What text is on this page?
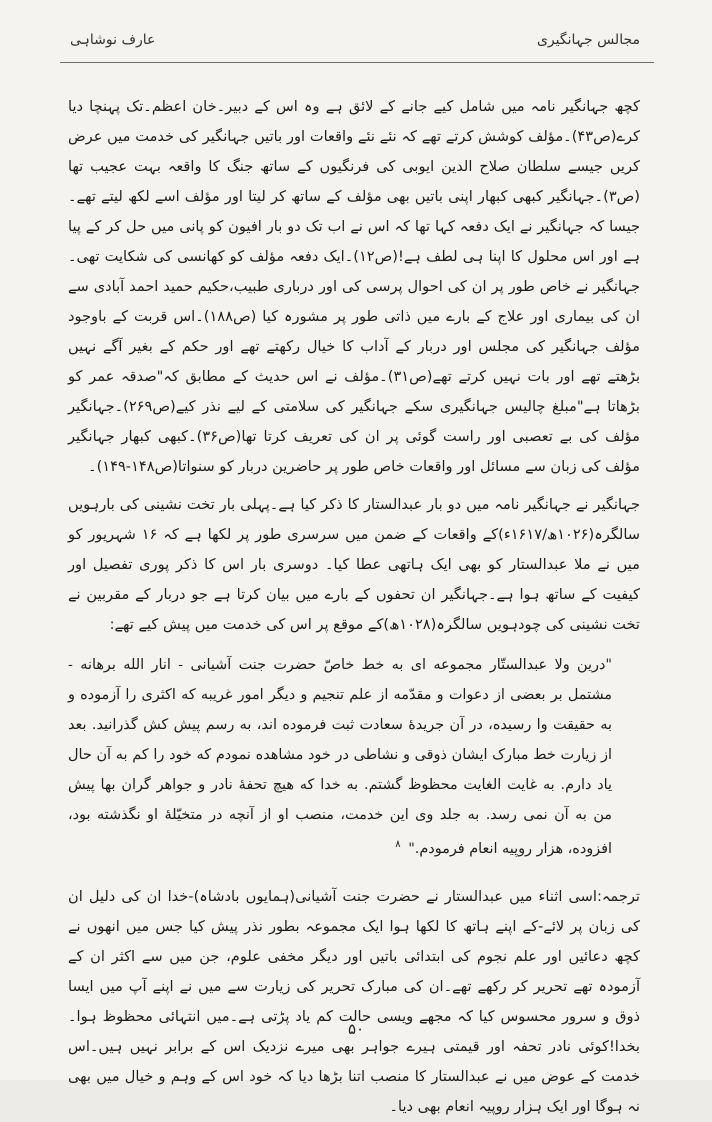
عارف نوشاہی	مجالس جہانگیری

کچھ جہانگیر نامہ میں شامل کیے جانے کے لائق ہے وہ اس کے دبیر۔خان اعظم۔تک پہنچا دیا کرے(ص۴۳)۔مؤلف کوشش کرتے تھے کہ نئے نئے واقعات اور باتیں جہانگیر کی خدمت میں عرض کریں جیسے سلطان صلاح الدین ایوبی کی فرنگیوں کے ساتھ جنگ کا واقعہ بہت عجیب تھا (ص۳)۔جہانگیر کبھی کبھار اپنی باتیں بھی مؤلف کے ساتھ کر لیتا اور مؤلف اسے لکھ لیتے تھے۔جیسا کہ جہانگیر نے ایک دفعہ کہا تھا کہ اس نے اب تک دو بار افیون کو پانی میں حل کر کے پیا ہے اور اس محلول کا اپنا ہی لطف ہے!(ص۱۲)۔ایک دفعہ مؤلف کو کھانسی کی شکایت تھی۔جہانگیر نے خاص طور پر ان کی احوال پرسی کی اور درباری طبیب،حکیم حمید احمد آبادی سے ان کی بیماری اور علاج کے بارے میں ذاتی طور پر مشورہ کیا (ص۱۸۸)۔اس قربت کے باوجود مؤلف جہانگیر کی مجلس اور دربار کے آداب کا خیال رکھتے تھے اور حکم کے بغیر آگے نہیں بڑھتے تھے اور بات نہیں کرتے تھے(ص۳۱)۔مؤلف نے اس حدیث کے مطابق کہ"صدقہ عمر کو بڑھاتا ہے"مبلغ چالیس جہانگیری سکے جہانگیر کی سلامتی کے لیے نذر کیے(ص۲۶۹)۔جہانگیر مؤلف کی بے تعصبی اور راست گوئی پر ان کی تعریف کرتا تھا(ص۳۶)۔کبھی کبھار جہانگیر مؤلف کی زبان سے مسائل اور واقعات خاص طور پر حاضرین دربار کو سنواتا(ص۱۴۸-۱۴۹)۔

جہانگیر نے جہانگیر نامہ میں دو بار عبدالستار کا ذکر کیا ہے۔پہلی بار تخت نشینی کی بارہویں سالگرہ(۱۰۲۶ھ/۱۶۱۷ء)کے واقعات کے ضمن میں سرسری طور پر لکھا ہے کہ ۱۶ شہریور کو میں نے ملا عبدالستار کو بھی ایک ہاتھی عطا کیا۔ دوسری بار اس کا ذکر پوری تفصیل اور کیفیت کے ساتھ ہوا ہے۔جہانگیر ان تحفوں کے بارے میں بیان کرتا ہے جو دربار کے مقربین نے تخت نشینی کی چودہویں سالگرہ(۱۰۲۸ھ)کے موقع پر اس کی خدمت میں پیش کیے تھے:

"درین ولا عبدالستّار مجموعه ای به خط خاصّ حضرت جنت آشیانی - انار الله برهانه - مشتمل بر بعضی از دعوات و مقدّمه از علم تنجیم و دیگر امور غریبه که اکثری را آزموده و به حقیقت وا رسیده، در آن جریدهٔ سعادت ثبت فرموده اند، به رسم پیش کش گذرانید. بعد از زیارت خط مبارک ایشان ذوقی و نشاطی در خود مشاهده نمودم که خود را کم به آن حال یاد دارم. به غایت الغایت محظوظ گشتم. به خدا که هیچ تحفهٔ نادر و جواهر گران بها پیش من به آن نمی رسد. به جلد وی این خدمت، منصب او از آنچه در متخیّلهٔ او نگذشته بود، افزوده، هزار روپیه انعام فرمودم." $^۸$

ترجمہ:اسی اثناء میں عبدالستار نے حضرت جنت آشیانی(ہمایوں بادشاہ)-خدا ان کی دلیل ان کی زبان پر لائے-کے اپنے ہاتھ کا لکھا ہوا ایک مجموعہ بطور نذر پیش کیا جس میں انھوں نے کچھ دعائیں اور علم نجوم کی ابتدائی باتیں اور دیگر مخفی علوم، جن میں سے اکثر ان کے آزمودہ تھے تحریر کر رکھے تھے۔ان کی مبارک تحریر کی زیارت سے میں نے اپنے آپ میں ایسا ذوق و سرور محسوس کیا کہ مجھے ویسی حالت کم یاد پڑتی ہے۔میں انتہائی محظوظ ہوا۔بخدا!کوئی نادر تحفہ اور قیمتی ہیرے جواہر بھی میرے نزدیک اس کے برابر نہیں ہیں۔اس خدمت کے عوض میں نے عبدالستار کا منصب اتنا بڑھا دیا کہ خود اس کے وہم و خیال میں بھی نہ ہوگا اور ایک ہزار روپیہ انعام بھی دیا۔

۵۰
